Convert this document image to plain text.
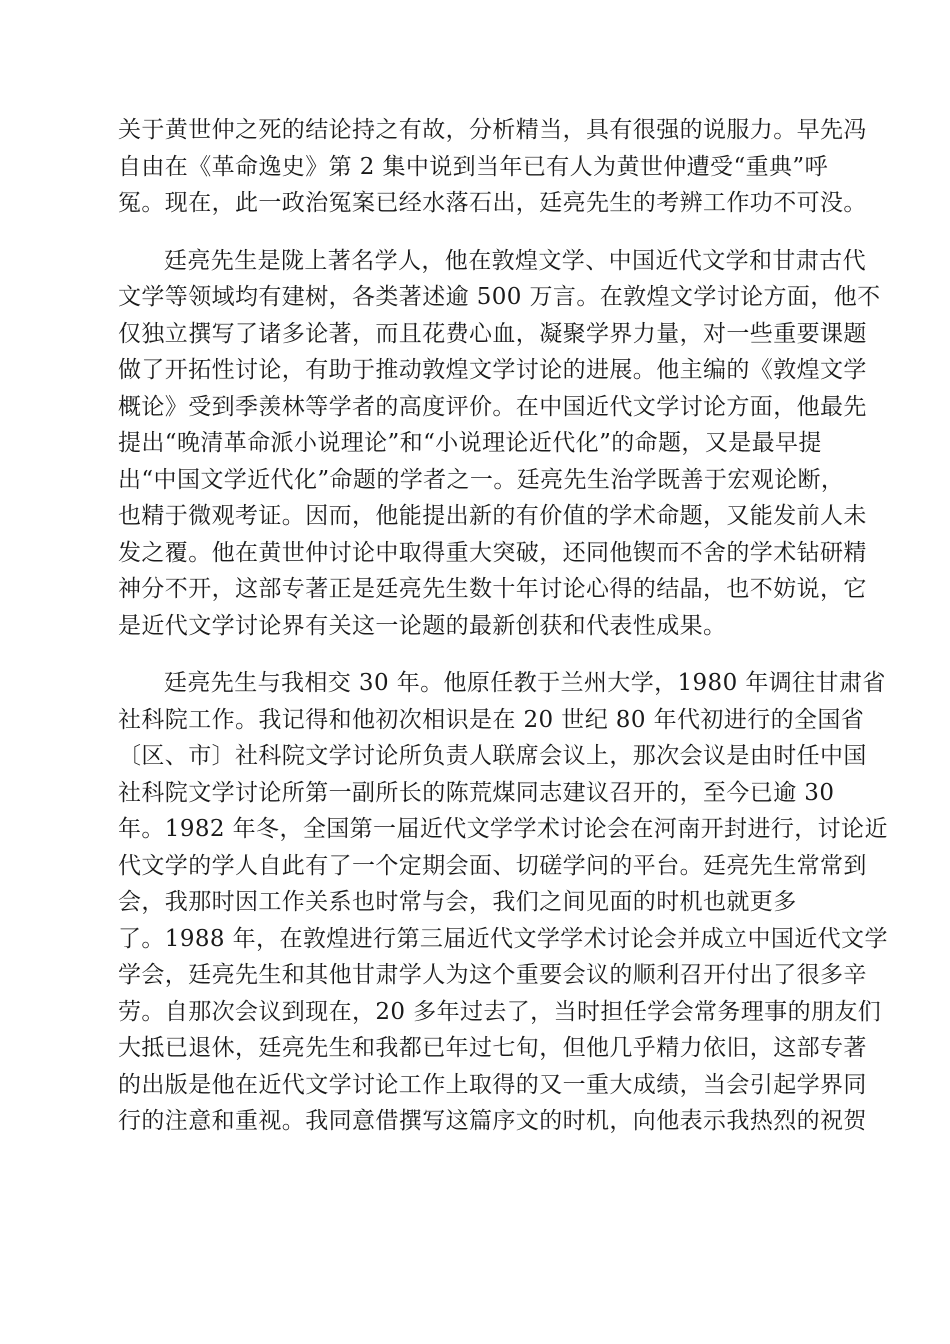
关于黄世仲之死的结论持之有故，分析精当，具有很强的说服力。早先冯
自由在《革命逸史》第 2 集中说到当年已有人为黄世仲遭受“重典”呼
冤。现在，此一政治冤案已经水落石出，廷亮先生的考辨工作功不可没。
廷亮先生是陇上著名学人，他在敦煌文学、中国近代文学和甘肃古代
文学等领域均有建树，各类著述逾 500 万言。在敦煌文学讨论方面，他不
仅独立撰写了诸多论著，而且花费心血，凝聚学界力量，对一些重要课题
做了开拓性讨论，有助于推动敦煌文学讨论的进展。他主编的《敦煌文学
概论》受到季羡林等学者的高度评价。在中国近代文学讨论方面，他最先
提出“晚清革命派小说理论”和“小说理论近代化”的命题，又是最早提
出“中国文学近代化”命题的学者之一。廷亮先生治学既善于宏观论断，
也精于微观考证。因而，他能提出新的有价值的学术命题，又能发前人未
发之覆。他在黄世仲讨论中取得重大突破，还同他锲而不舍的学术钻研精
神分不开，这部专著正是廷亮先生数十年讨论心得的结晶，也不妨说，它
是近代文学讨论界有关这一论题的最新创获和代表性成果。
廷亮先生与我相交 30 年。他原任教于兰州大学，1980 年调往甘肃省
社科院工作。我记得和他初次相识是在 20 世纪 80 年代初进行的全国省
〔区、市〕社科院文学讨论所负责人联席会议上，那次会议是由时任中国
社科院文学讨论所第一副所长的陈荒煤同志建议召开的，至今已逾 30
年。1982 年冬，全国第一届近代文学学术讨论会在河南开封进行，讨论近
代文学的学人自此有了一个定期会面、切磋学问的平台。廷亮先生常常到
会，我那时因工作关系也时常与会，我们之间见面的时机也就更多
了。1988 年，在敦煌进行第三届近代文学学术讨论会并成立中国近代文学
学会，廷亮先生和其他甘肃学人为这个重要会议的顺利召开付出了很多辛
劳。自那次会议到现在，20 多年过去了，当时担任学会常务理事的朋友们
大抵已退休，廷亮先生和我都已年过七旬，但他几乎精力依旧，这部专著
的出版是他在近代文学讨论工作上取得的又一重大成绩，当会引起学界同
行的注意和重视。我同意借撰写这篇序文的时机，向他表示我热烈的祝贺
